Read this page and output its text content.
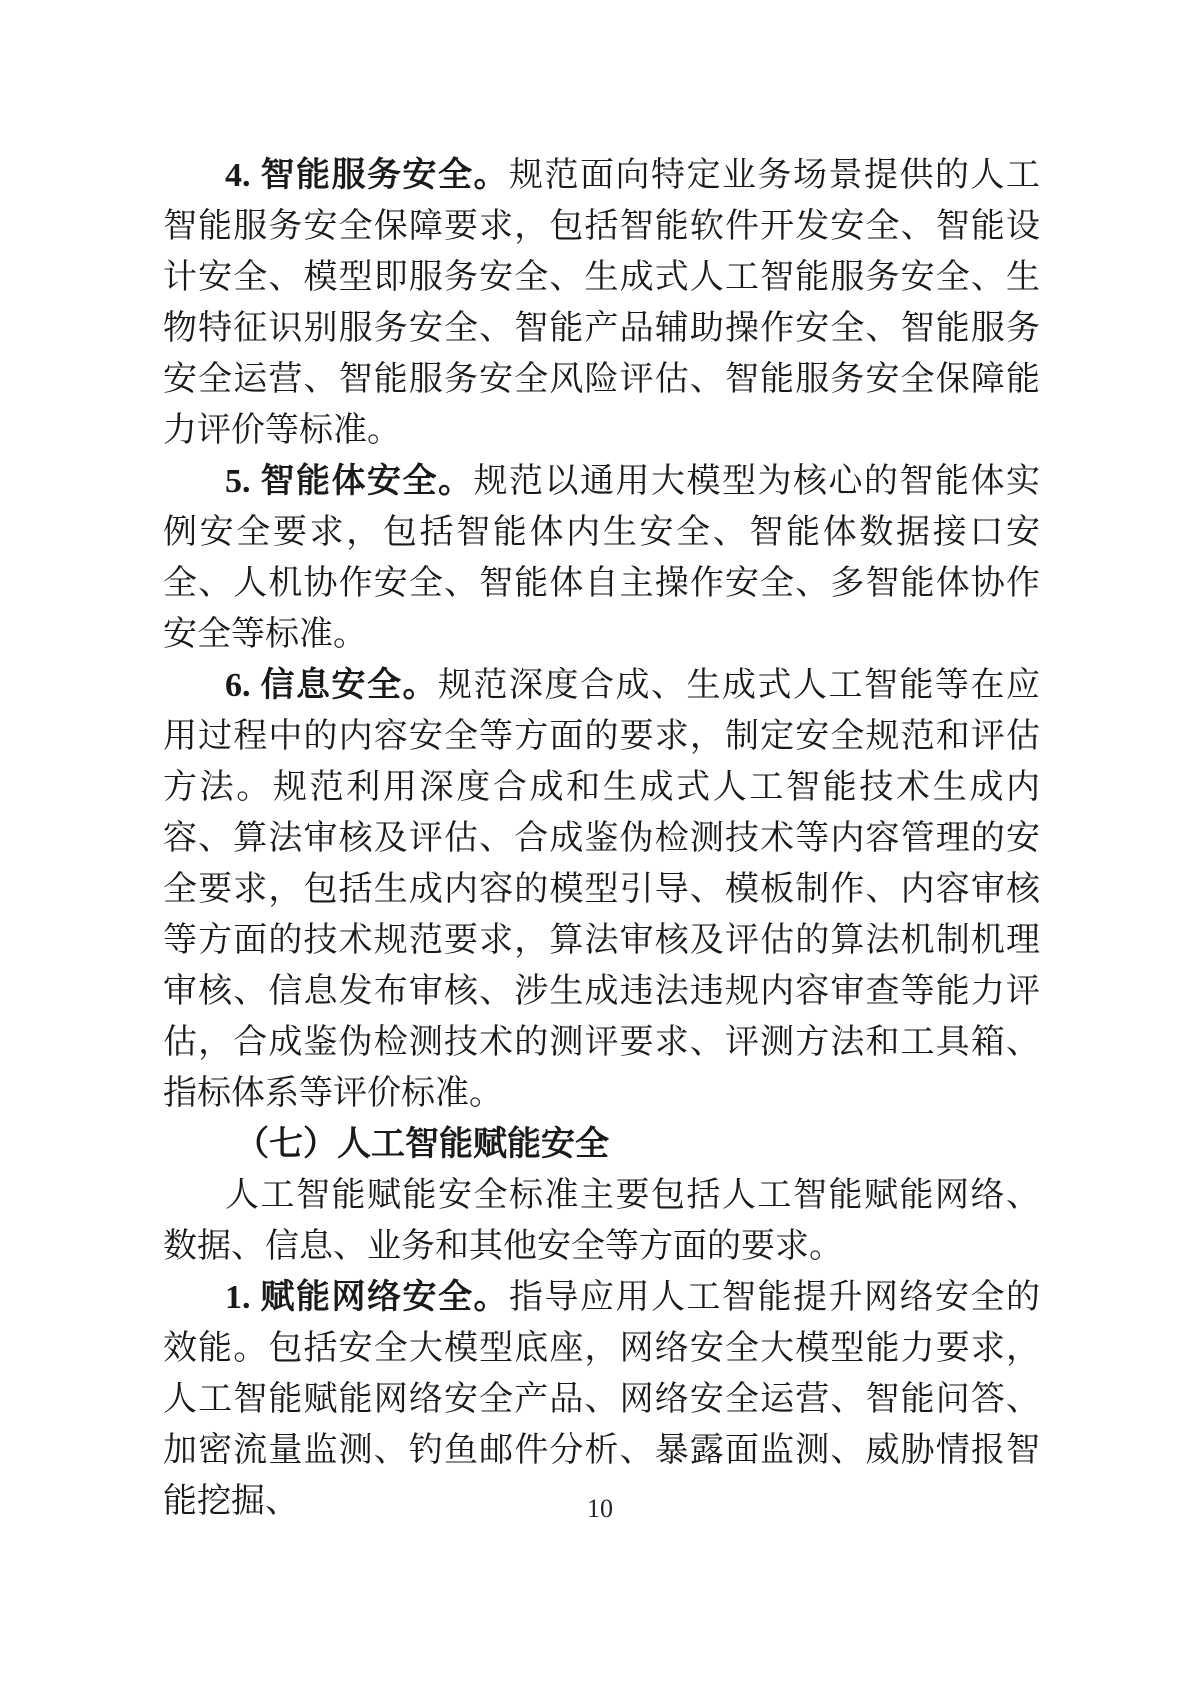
4. 智能服务安全。规范面向特定业务场景提供的人工智能服务安全保障要求，包括智能软件开发安全、智能设计安全、模型即服务安全、生成式人工智能服务安全、生物特征识别服务安全、智能产品辅助操作安全、智能服务安全运营、智能服务安全风险评估、智能服务安全保障能力评价等标准。

5. 智能体安全。规范以通用大模型为核心的智能体实例安全要求，包括智能体内生安全、智能体数据接口安全、人机协作安全、智能体自主操作安全、多智能体协作安全等标准。

6. 信息安全。规范深度合成、生成式人工智能等在应用过程中的内容安全等方面的要求，制定安全规范和评估方法。规范利用深度合成和生成式人工智能技术生成内容、算法审核及评估、合成鉴伪检测技术等内容管理的安全要求，包括生成内容的模型引导、模板制作、内容审核等方面的技术规范要求，算法审核及评估的算法机制机理审核、信息发布审核、涉生成违法违规内容审查等能力评估，合成鉴伪检测技术的测评要求、评测方法和工具箱、指标体系等评价标准。

（七）人工智能赋能安全

人工智能赋能安全标准主要包括人工智能赋能网络、数据、信息、业务和其他安全等方面的要求。

1. 赋能网络安全。指导应用人工智能提升网络安全的效能。包括安全大模型底座，网络安全大模型能力要求，人工智能赋能网络安全产品、网络安全运营、智能问答、加密流量监测、钓鱼邮件分析、暴露面监测、威胁情报智能挖掘、	10
